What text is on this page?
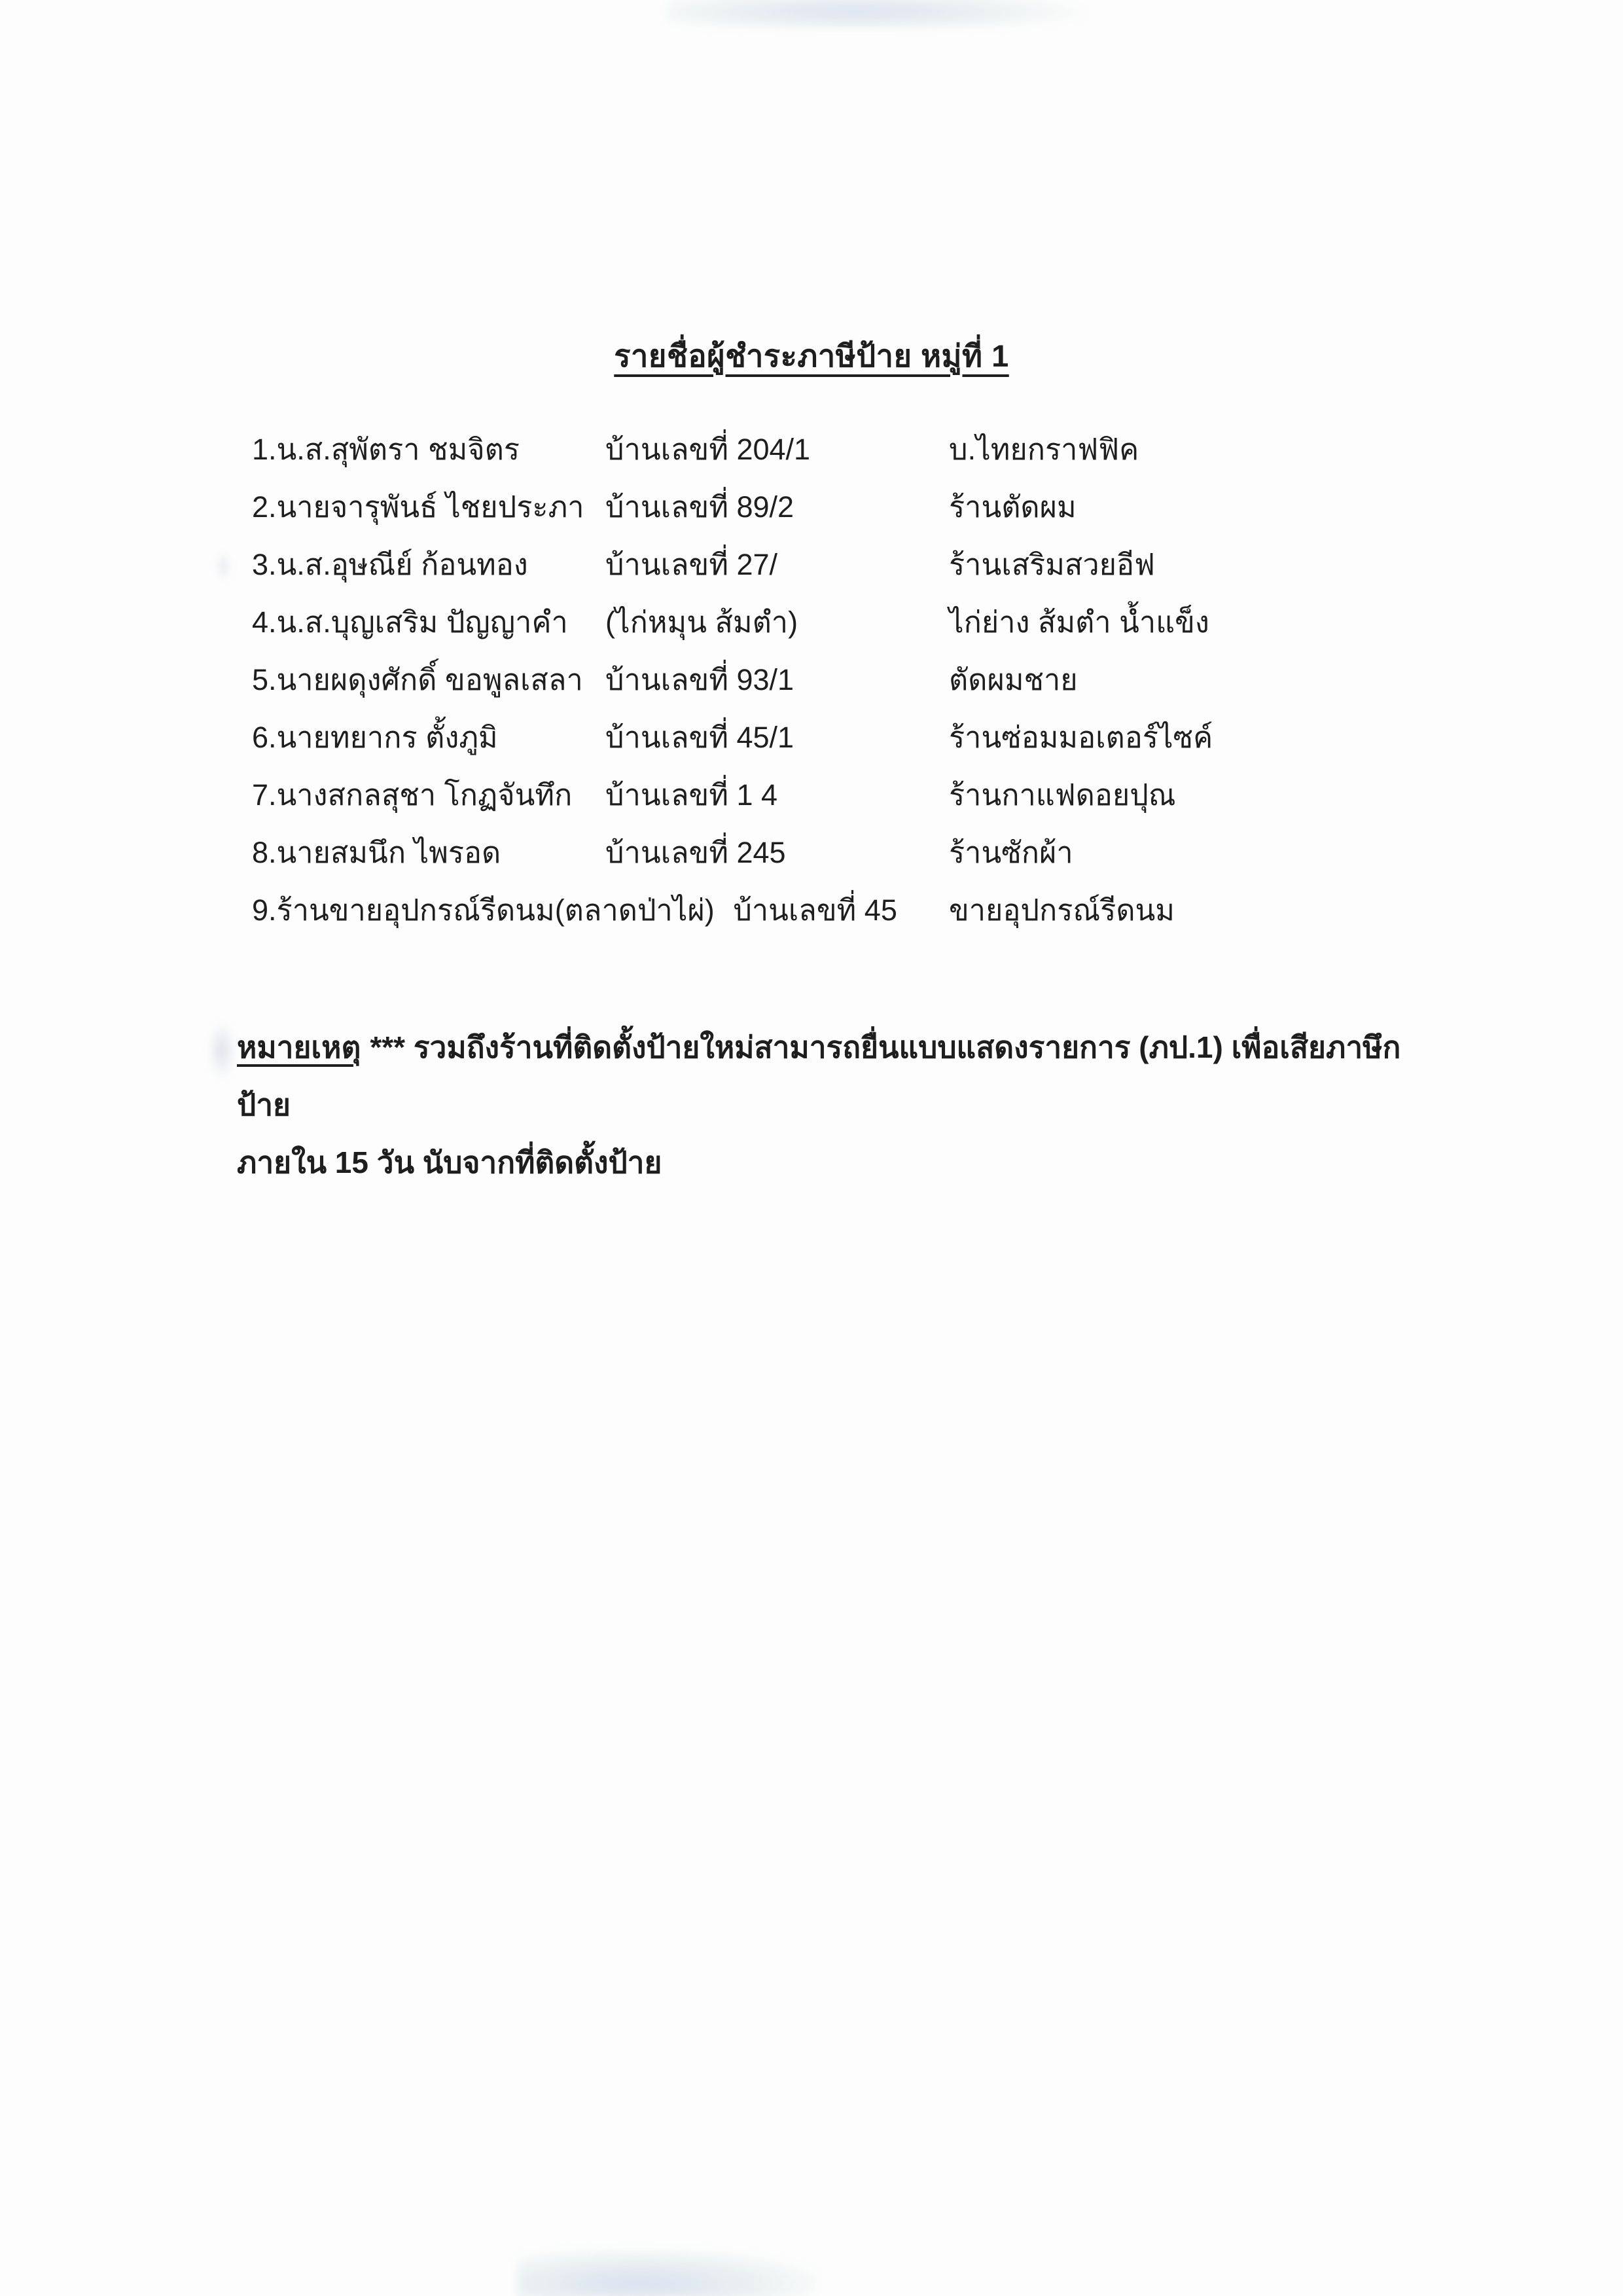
รายชื่อผู้ชำระภาษีป้าย หมู่ที่ 1
1.น.ส.สุพัตรา ชมจิตร	บ้านเลขที่ 204/1	บ.ไทยกราฟฟิค
2.นายจารุพันธ์ ไชยประภา บ้านเลขที่ 89/2	ร้านตัดผม
3.น.ส.อุษณีย์ ก้อนทอง	บ้านเลขที่ 27/	ร้านเสริมสวยอีฟ
4.น.ส.บุญเสริม ปัญญาคำ (ไก่หมุน ส้มตำ)	ไก่ย่าง ส้มตำ น้ำแข็ง
5.นายผดุงศักดิ์ ขอพูลเสลา บ้านเลขที่ 93/1	ตัดผมชาย
6.นายทยากร ตั้งภูมิ	บ้านเลขที่ 45/1	ร้านซ่อมมอเตอร์ไซค์
7.นางสกลสุชา โกฏจันทึก บ้านเลขที่ 1 4	ร้านกาแฟดอยปุณ
8.นายสมนึก ไพรอด	บ้านเลขที่ 245	ร้านซักผ้า
9.ร้านขายอุปกรณ์รีดนม(ตลาดป่าไผ่) บ้านเลขที่ 45 ขายอุปกรณ์รีดนม

หมายเหตุ *** รวมถึงร้านที่ติดตั้งป้ายใหม่สามารถยื่นแบบแสดงรายการ (ภป.1) เพื่อเสียภาษึกป้าย

ภายใน 15 วัน นับจากที่ติดตั้งป้าย
